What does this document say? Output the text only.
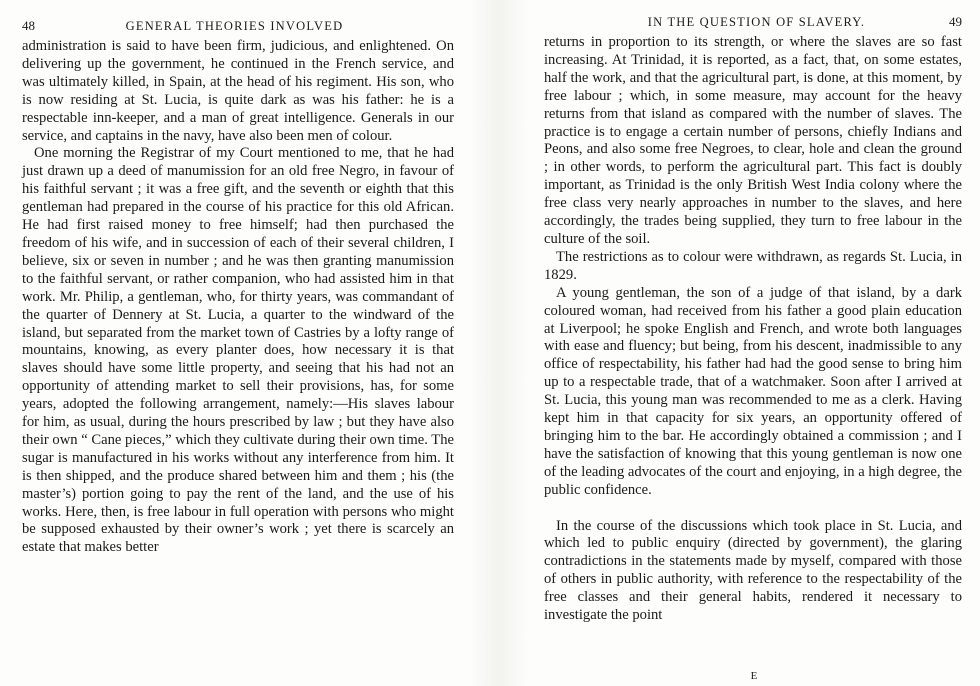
48	GENERAL THEORIES INVOLVED

administration is said to have been firm, judicious, and enlightened. On delivering up the government, he continued in the French service, and was ultimately killed, in Spain, at the head of his regiment. His son, who is now residing at St. Lucia, is quite dark as was his father: he is a respectable inn-keeper, and a man of great intelligence. Generals in our service, and captains in the navy, have also been men of colour.

One morning the Registrar of my Court mentioned to me, that he had just drawn up a deed of manumission for an old free Negro, in favour of his faithful servant ; it was a free gift, and the seventh or eighth that this gentleman had prepared in the course of his practice for this old African. He had first raised money to free himself; had then purchased the freedom of his wife, and in succession of each of their several children, I believe, six or seven in number ; and he was then granting manumission to the faithful servant, or rather companion, who had assisted him in that work. Mr. Philip, a gentleman, who, for thirty years, was commandant of the quarter of Dennery at St. Lucia, a quarter to the windward of the island, but separated from the market town of Castries by a lofty range of mountains, knowing, as every planter does, how necessary it is that slaves should have some little property, and seeing that his had not an opportunity of attending market to sell their provisions, has, for some years, adopted the following arrangement, namely:—His slaves labour for him, as usual, during the hours prescribed by law ; but they have also their own “ Cane pieces,” which they cultivate during their own time. The sugar is manufactured in his works without any interference from him. It is then shipped, and the produce shared between him and them ; his (the master’s) portion going to pay the rent of the land, and the use of his works. Here, then, is free labour in full operation with persons who might be supposed exhausted by their owner’s work ; yet there is scarcely an estate that makes better

IN THE QUESTION OF SLAVERY.	49

returns in proportion to its strength, or where the slaves are so fast increasing. At Trinidad, it is reported, as a fact, that, on some estates, half the work, and that the agricultural part, is done, at this moment, by free labour ; which, in some measure, may account for the heavy returns from that island as compared with the number of slaves. The practice is to engage a certain number of persons, chiefly Indians and Peons, and also some free Negroes, to clear, hole and clean the ground ; in other words, to perform the agricultural part. This fact is doubly important, as Trinidad is the only British West India colony where the free class very nearly approaches in number to the slaves, and here accordingly, the trades being supplied, they turn to free labour in the culture of the soil.

The restrictions as to colour were withdrawn, as regards St. Lucia, in 1829.

A young gentleman, the son of a judge of that island, by a dark coloured woman, had received from his father a good plain education at Liverpool; he spoke English and French, and wrote both languages with ease and fluency; but being, from his descent, inadmissible to any office of respectability, his father had had the good sense to bring him up to a respectable trade, that of a watchmaker. Soon after I arrived at St. Lucia, this young man was recommended to me as a clerk. Having kept him in that capacity for six years, an opportunity offered of bringing him to the bar. He accordingly obtained a commission ; and I have the satisfaction of knowing that this young gentleman is now one of the leading advocates of the court and enjoying, in a high degree, the public confidence.

In the course of the discussions which took place in St. Lucia, and which led to public enquiry (directed by government), the glaring contradictions in the statements made by myself, compared with those of others in public authority, with reference to the respectability of the free classes and their general habits, rendered it necessary to investigate the point

E
